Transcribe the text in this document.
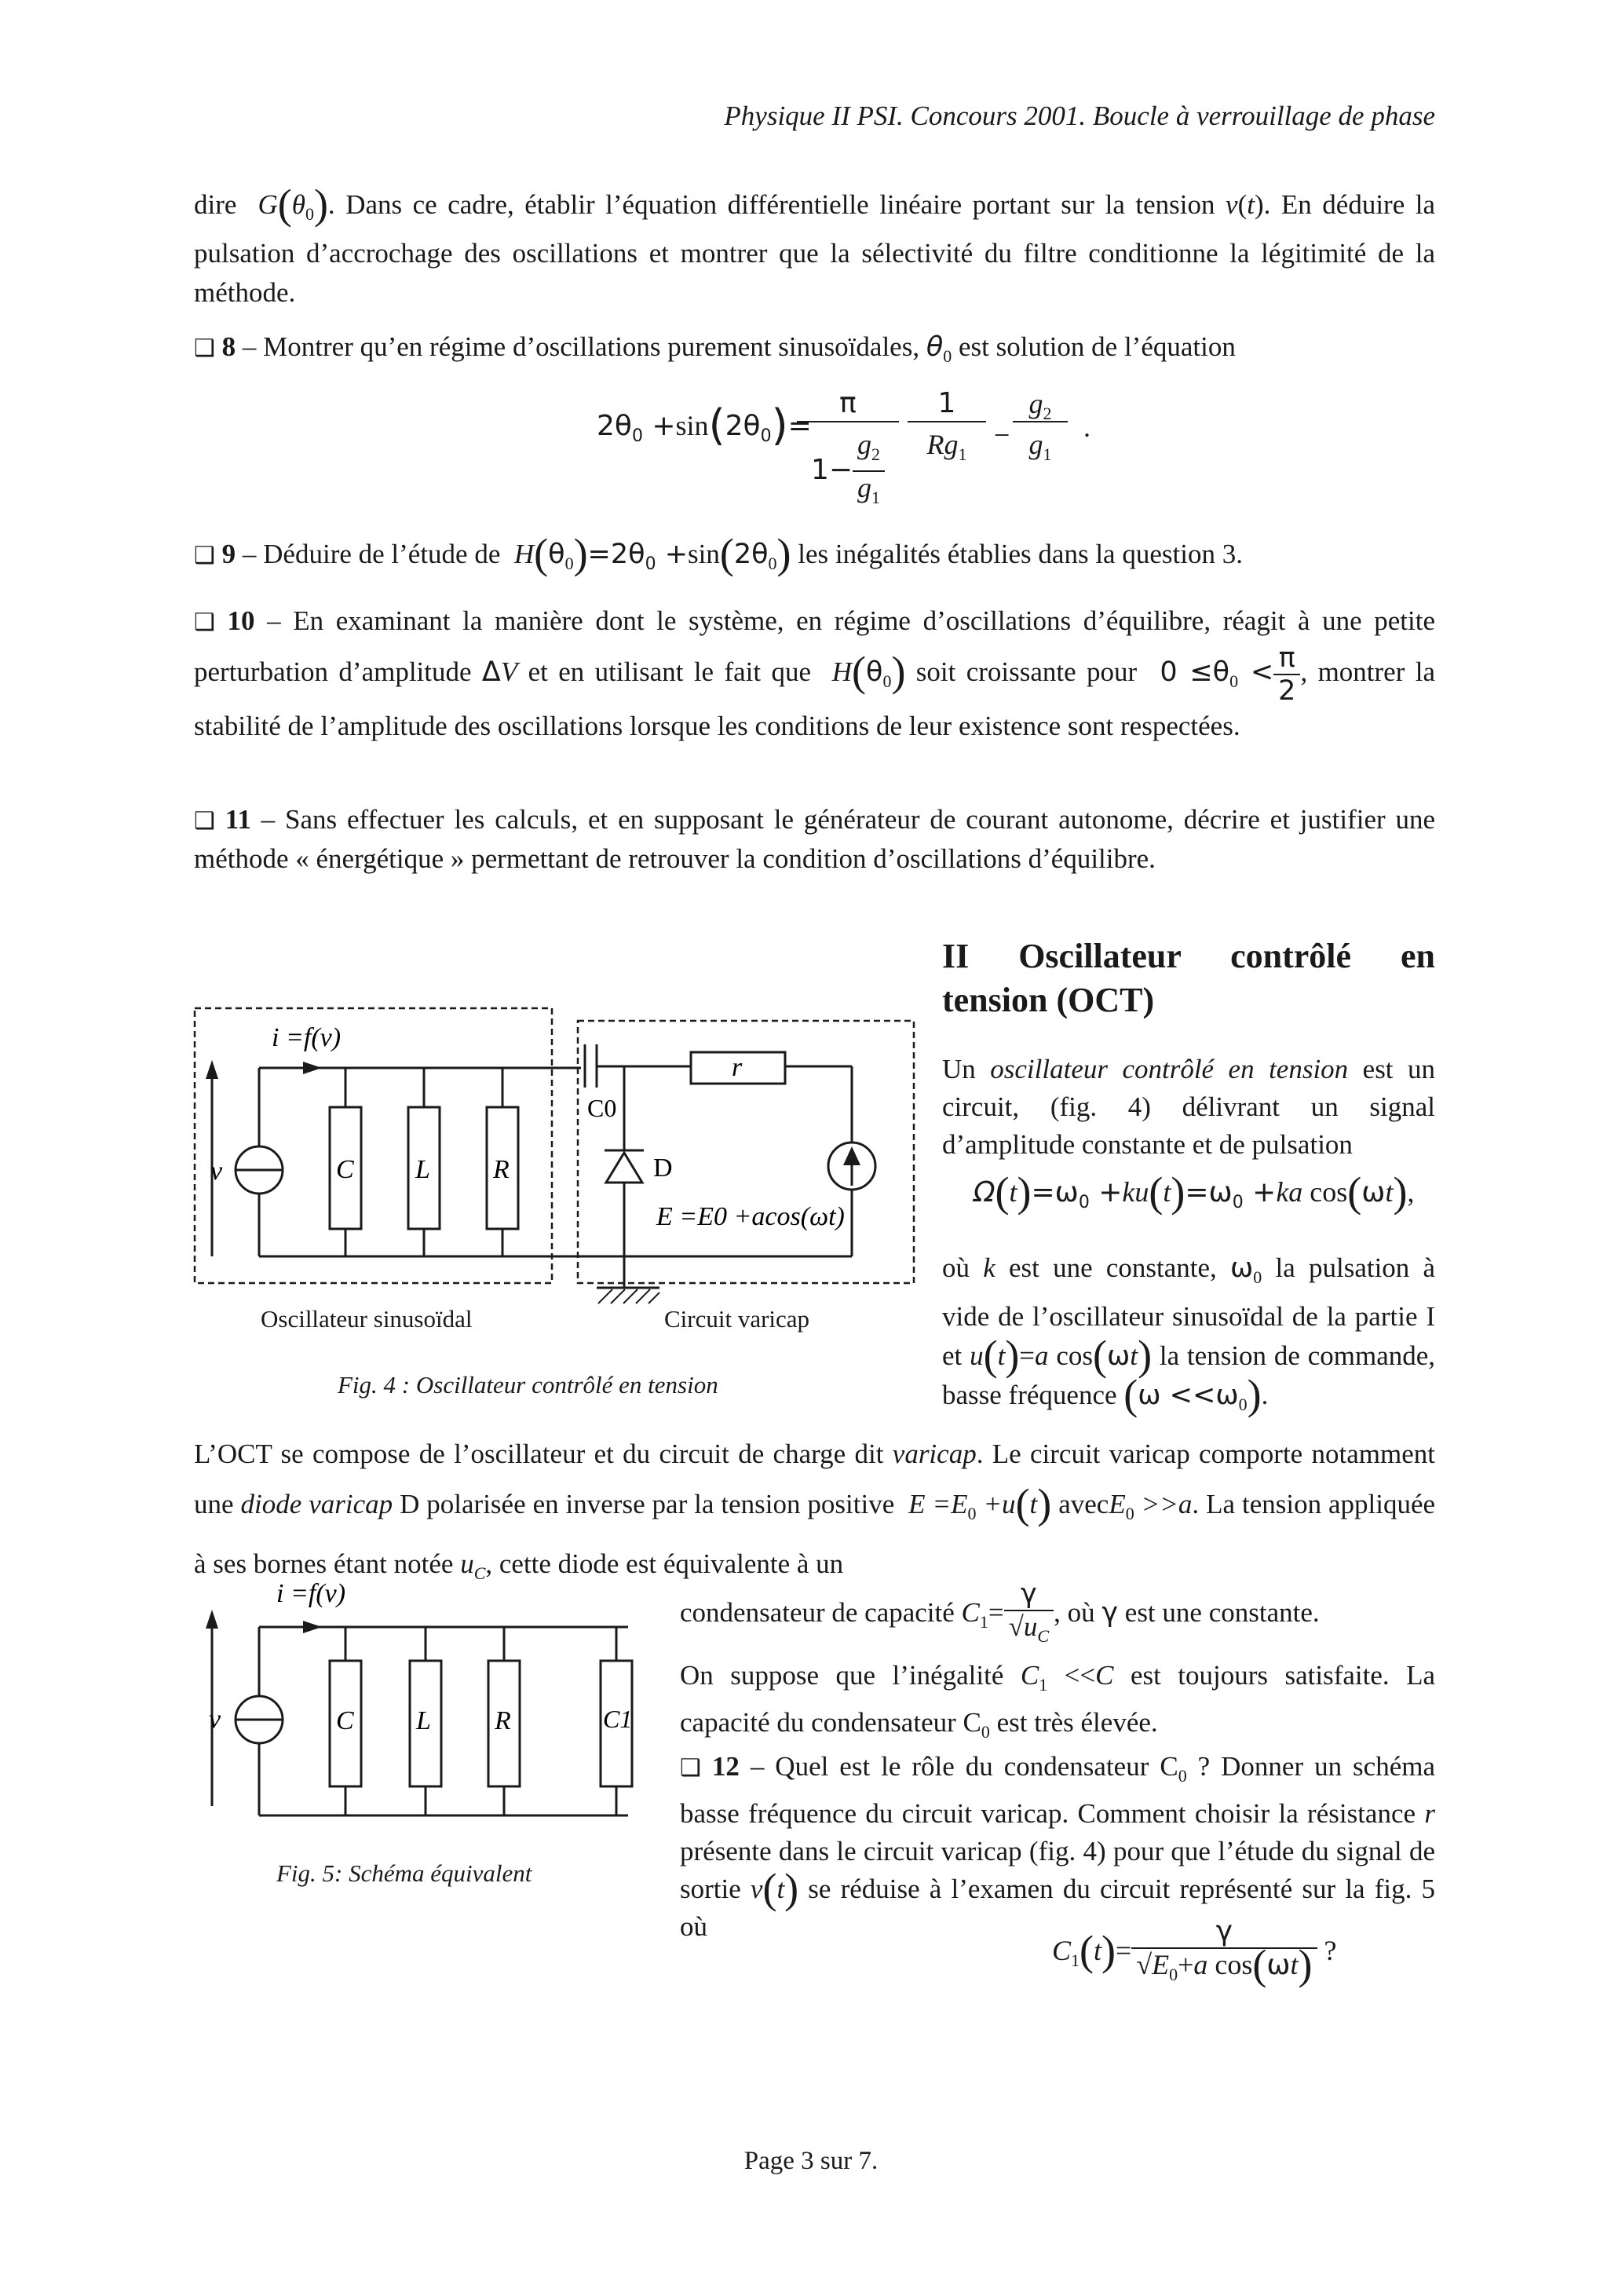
Physique II PSI. Concours 2001. Boucle à verrouillage de phase

dire  $G(\theta_0)$. Dans ce cadre, établir l’équation différentielle linéaire portant sur la tension v(t). En déduire la pulsation d’accrochage des oscillations et montrer que la sélectivité du filtre conditionne la légitimité de la méthode.

❑ 8 – Montrer qu’en régime d’oscillations purement sinusoïdales, $\theta_0$ est solution de l’équation

$2\theta_0 +\sin(2\theta_0)=$
π
$1- \frac{g_2}{g_1}$
1
$Rg_1$
−
$g_2$
$g_1$
.

❑ 9 – Déduire de l’étude de  $H(\theta_0)=2\theta_0 +\sin(2\theta_0)$ les inégalités établies dans la question 3.

❑ 10 – En examinant la manière dont le système, en régime d’oscillations d’équilibre, réagit à une petite perturbation d’amplitude ΔV et en utilisant le fait que  $H(\theta_0)$ soit croissante pour  $0 \le\theta_0 < \frac{\pi}{2}$ , montrer la stabilité de l’amplitude des oscillations lorsque les conditions de leur existence sont respectées.

❑ 11 – Sans effectuer les calculs, et en supposant le générateur de courant autonome, décrire et justifier une méthode « énergétique » permettant de retrouver la condition d’oscillations d’équilibre.

II Oscillateur contrôlé en
tension (OCT)

Un oscillateur contrôlé en tension est un circuit, (fig. 4) délivrant un signal d’amplitude constante et de pulsation

$\Omega(t)=\omega_0 +ku(t)=\omega_0 +ka$ cos(ωt),

où k est une constante, $\omega_0$ la pulsation à vide de l’oscillateur sinusoïdal de la partie I et u(t)=a cos(ωt) la tension de commande, basse fréquence $(\omega <<\omega_0)$.

i =f(v)
v	C L R
C0
D
r
E =E0 +acos(ωt)
Oscillateur sinusoïdal	Circuit varicap
Fig. 4 : Oscillateur contrôlé en tension

L’OCT se compose de l’oscillateur et du circuit de charge dit varicap. Le circuit varicap comporte notamment une diode varicap D polarisée en inverse par la tension positive  $E =E_0 +u(t)$ avecE$_0$ >>a. La tension appliquée à ses bornes étant notée $u_C$, cette diode est équivalente à un

i =f(v)
v	C L R	C1
Fig. 5: Schéma équivalent

condensateur de capacité $C_1= \frac{\gamma}{√u_C}$ , où γ est une constante.

On suppose que l’inégalité $C_1 <<C$ est toujours satisfaite. La capacité du condensateur $C_0$ est très élevée.

❑ 12 – Quel est le rôle du condensateur $C_0$ ? Donner un schéma basse fréquence du circuit varicap. Comment choisir la résistance r présente dans le circuit varicap (fig. 4) pour que l’étude du signal de sortie v(t) se réduise à l’examen du circuit représenté sur la fig. 5 où

$C_1(t)= \frac{\gamma}{√E_0+a \cos(\omega t)}$ ?
Page 3 sur 7.
